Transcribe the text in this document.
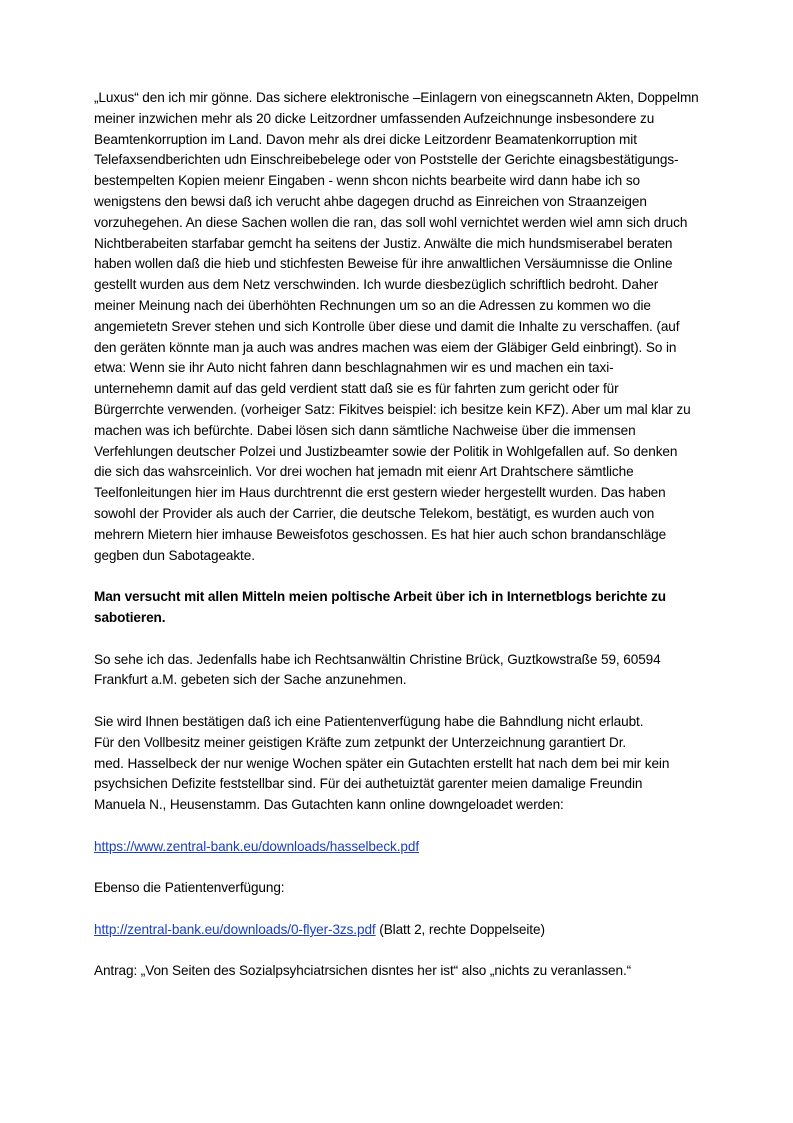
„Luxus“ den ich mir gönne. Das sichere elektronische –Einlagern von einegscannetn Akten, Doppelmn
meiner inzwichen mehr als 20 dicke Leitzordner umfassenden Aufzeichnunge insbesondere zu
Beamtenkorruption im Land. Davon mehr als drei dicke Leitzordenr Beamatenkorruption mit
Telefaxsendberichten udn Einschreibebelege oder von Poststelle der Gerichte einagsbestätigungs-
bestempelten Kopien meienr Eingaben - wenn shcon nichts bearbeite wird dann habe ich so
wenigstens den bewsi daß ich verucht ahbe dagegen druchd as Einreichen von Straanzeigen
vorzuhegehen. An diese Sachen wollen die ran, das soll wohl vernichtet werden wiel amn sich druch
Nichtberabeiten starfabar gemcht ha seitens der Justiz. Anwälte die mich hundsmiserabel beraten
haben wollen daß die hieb und stichfesten Beweise für ihre anwaltlichen Versäumnisse die Online
gestellt wurden aus dem Netz verschwinden. Ich wurde diesbezüglich schriftlich bedroht. Daher
meiner Meinung nach dei überhöhten Rechnungen um so an die Adressen zu kommen wo die
angemietetn Srever stehen und sich Kontrolle über diese und damit die Inhalte zu verschaffen. (auf
den geräten könnte man ja auch was andres machen was eiem der Gläbiger Geld einbringt). So in
etwa: Wenn sie ihr Auto nicht fahren dann beschlagnahmen wir es und machen ein taxi-
unternehemn damit auf das geld verdient statt daß sie es für fahrten zum gericht oder für
Bürgerrchte verwenden. (vorheiger Satz: Fikitves beispiel: ich besitze kein KFZ). Aber um mal klar zu
machen was ich befürchte. Dabei lösen sich dann sämtliche Nachweise über die immensen
Verfehlungen deutscher Polzei und Justizbeamter sowie der Politik in Wohlgefallen auf. So denken
die sich das wahsrceinlich. Vor drei wochen hat jemadn mit eienr Art Drahtschere sämtliche
Teelfonleitungen hier im Haus durchtrennt die erst gestern wieder hergestellt wurden. Das haben
sowohl der Provider als auch der Carrier, die deutsche Telekom, bestätigt, es wurden auch von
mehrern Mietern hier imhause Beweisfotos geschossen. Es hat hier auch schon brandanschläge
gegben dun Sabotageakte.
Man versucht mit allen Mitteln meien poltische Arbeit über ich in Internetblogs berichte zu
sabotieren.
So sehe ich das. Jedenfalls habe ich Rechtsanwältin Christine Brück, Guztkowstraße 59, 60594
Frankfurt a.M. gebeten sich der Sache anzunehmen.
Sie wird Ihnen bestätigen daß ich eine Patientenverfügung habe die Bahndlung nicht erlaubt.
Für den Vollbesitz meiner geistigen Kräfte zum zetpunkt der Unterzeichnung garantiert Dr.
med. Hasselbeck der nur wenige Wochen später ein Gutachten erstellt hat nach dem bei mir kein
psychsichen Defizite feststellbar sind. Für dei authetuiztät garenter meien damalige Freundin
Manuela N., Heusenstamm. Das Gutachten kann online downgeloadet werden:
https://www.zentral-bank.eu/downloads/hasselbeck.pdf
Ebenso die Patientenverfügung:
http://zentral-bank.eu/downloads/0-flyer-3zs.pdf (Blatt 2, rechte Doppelseite)
Antrag: „Von Seiten des Sozialpsyhciatrsichen disntes her ist“ also „nichts zu veranlassen.“
